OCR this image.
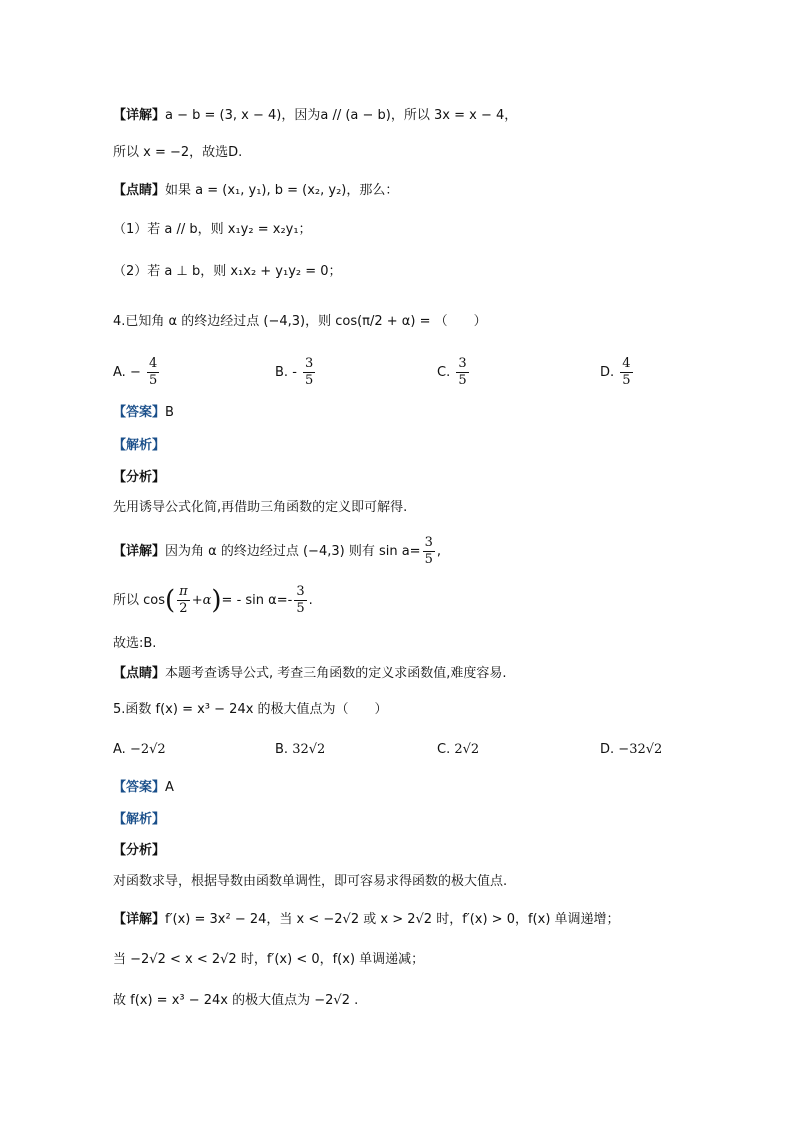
【详解】a − b = (3, x − 4)，因为a // (a − b)，所以 3x = x − 4，
所以 x = −2，故选D.
【点睛】如果 a = (x₁, y₁), b = (x₂, y₂)，那么：
（1）若 a // b，则 x₁y₂ = x₂y₁；
（2）若 a ⊥ b，则 x₁x₂ + y₁y₂ = 0；
4.已知角 α 的终边经过点 (−4,3)，则 cos(π/2 + α) = （　　）
A. − $\frac{4}{5}$	B. - $\frac{3}{5}$	C. $\frac{3}{5}$	D. $\frac{4}{5}$
【答案】B
【解析】
【分析】
先用诱导公式化简,再借助三角函数的定义即可解得.
【详解】因为角 α 的终边经过点 (−4,3) 则有 $\sin a= \frac{3}{5}$ ,
所以 $\cos( \frac{\pi}{2} +\alpha)= - \sin \alpha=- \frac{3}{5}$ .
故选:B.
【点睛】本题考查诱导公式, 考查三角函数的定义求函数值,难度容易.
5.函数 f(x) = x³ − 24x 的极大值点为（　　）
A. −2√2	B. 32√2	C. 2√2	D. −32√2
【答案】A
【解析】
【分析】
对函数求导，根据导数由函数单调性，即可容易求得函数的极大值点.
【详解】f′(x) = 3x² − 24，当 x < −2√2 或 x > 2√2 时，f′(x) > 0，f(x) 单调递增；
当 −2√2 < x < 2√2 时，f′(x) < 0，f(x) 单调递减；
故 f(x) = x³ − 24x 的极大值点为 −2√2 .
